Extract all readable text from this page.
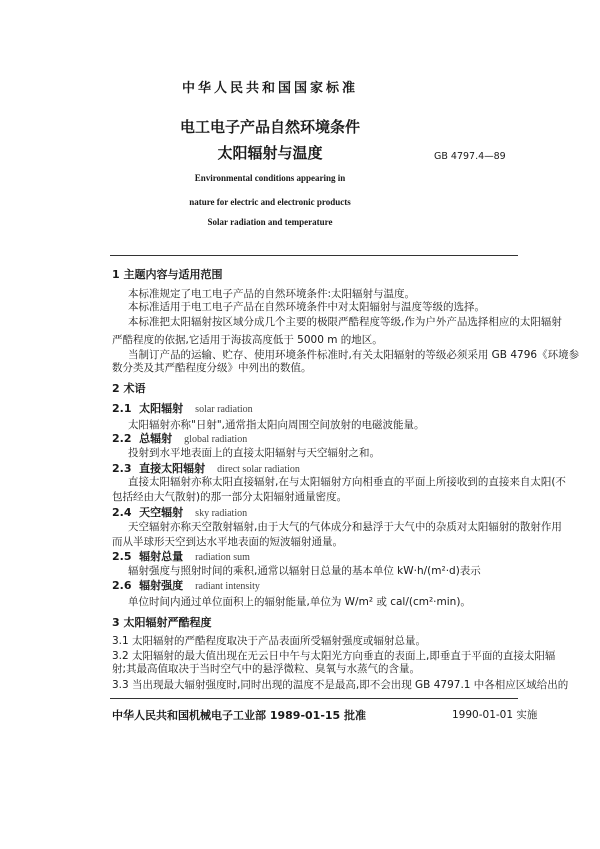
中华人民共和国国家标准
电工电子产品自然环境条件
太阳辐射与温度	GB 4797.4—89
Environmental conditions appearing in
nature for electric and electronic products
Solar radiation and temperature
1 主题内容与适用范围
本标准规定了电工电子产品的自然环境条件:太阳辐射与温度。
本标准适用于电工电子产品在自然环境条件中对太阳辐射与温度等级的选择。
本标准把太阳辐射按区域分成几个主要的极限严酷程度等级,作为户外产品选择相应的太阳辐射
严酷程度的依据,它适用于海拔高度低于 5000 m 的地区。
当制订产品的运输、贮存、使用环境条件标准时,有关太阳辐射的等级必须采用 GB 4796《环境参
数分类及其严酷程度分级》中列出的数值。
2 术语
2.1 太阳辐射 solar radiation
太阳辐射亦称"日射",通常指太阳向周围空间放射的电磁波能量。
2.2 总辐射 global radiation
投射到水平地表面上的直接太阳辐射与天空辐射之和。
2.3 直接太阳辐射 direct solar radiation
直接太阳辐射亦称太阳直接辐射,在与太阳辐射方向相垂直的平面上所接收到的直接来自太阳(不
包括经由大气散射)的那一部分太阳辐射通量密度。
2.4 天空辐射 sky radiation
天空辐射亦称天空散射辐射,由于大气的气体成分和悬浮于大气中的杂质对太阳辐射的散射作用
而从半球形天空到达水平地表面的短波辐射通量。
2.5 辐射总量 radiation sum
辐射强度与照射时间的乘积,通常以辐射日总量的基本单位 kW·h/(m²·d)表示
2.6 辐射强度 radiant intensity
单位时间内通过单位面积上的辐射能量,单位为 W/m² 或 cal/(cm²·min)。
3 太阳辐射严酷程度
3.1 太阳辐射的严酷程度取决于产品表面所受辐射强度或辐射总量。
3.2 太阳辐射的最大值出现在无云日中午与太阳光方向垂直的表面上,即垂直于平面的直接太阳辐
射;其最高值取决于当时空气中的悬浮微粒、臭氧与水蒸气的含量。
3.3 当出现最大辐射强度时,同时出现的温度不是最高,即不会出现 GB 4797.1 中各相应区域给出的
中华人民共和国机械电子工业部 1989-01-15 批准	1990-01-01 实施
